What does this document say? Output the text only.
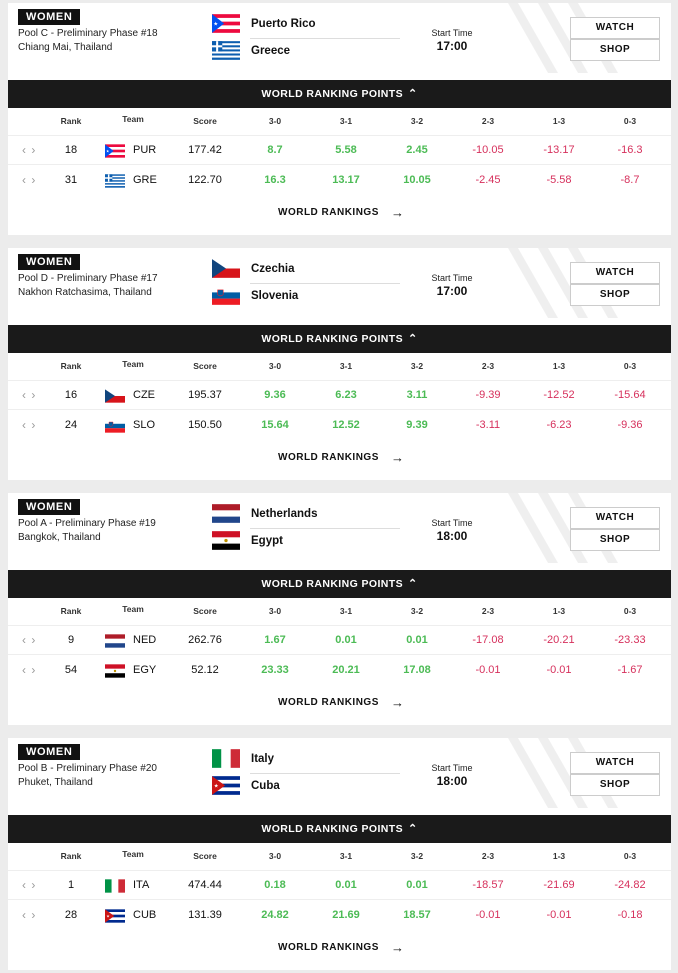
WOMEN
Pool C - Preliminary Phase #18
Chiang Mai, Thailand
Puerto Rico
Greece
Start Time
17:00
WATCH
SHOP
WORLD RANKING POINTS ⌃
Rank	Team	Score	3-0	3-1	3-2	2-3	1-3	0-3
‹ ›	18	PUR	177.42	8.7	5.58	2.45	-10.05	-13.17	-16.3
‹ ›	31	GRE	122.70	16.3	13.17	10.05	-2.45	-5.58	-8.7
WORLD RANKINGS →
WOMEN
Pool D - Preliminary Phase #17
Nakhon Ratchasima, Thailand
Czechia
Slovenia
Start Time
17:00
WATCH
SHOP
WORLD RANKING POINTS ⌃
Rank	Team	Score	3-0	3-1	3-2	2-3	1-3	0-3
‹ ›	16	CZE	195.37	9.36	6.23	3.11	-9.39	-12.52	-15.64
‹ ›	24	SLO	150.50	15.64	12.52	9.39	-3.11	-6.23	-9.36
WORLD RANKINGS →
WOMEN
Pool A - Preliminary Phase #19
Bangkok, Thailand
Netherlands
Egypt
Start Time
18:00
WATCH
SHOP
WORLD RANKING POINTS ⌃
Rank	Team	Score	3-0	3-1	3-2	2-3	1-3	0-3
‹ ›	9	NED	262.76	1.67	0.01	0.01	-17.08	-20.21	-23.33
‹ ›	54	EGY	52.12	23.33	20.21	17.08	-0.01	-0.01	-1.67
WORLD RANKINGS →
WOMEN
Pool B - Preliminary Phase #20
Phuket, Thailand
Italy
Cuba
Start Time
18:00
WATCH
SHOP
WORLD RANKING POINTS ⌃
Rank	Team	Score	3-0	3-1	3-2	2-3	1-3	0-3
‹ ›	1	ITA	474.44	0.18	0.01	0.01	-18.57	-21.69	-24.82
‹ ›	28	CUB	131.39	24.82	21.69	18.57	-0.01	-0.01	-0.18
WORLD RANKINGS →
